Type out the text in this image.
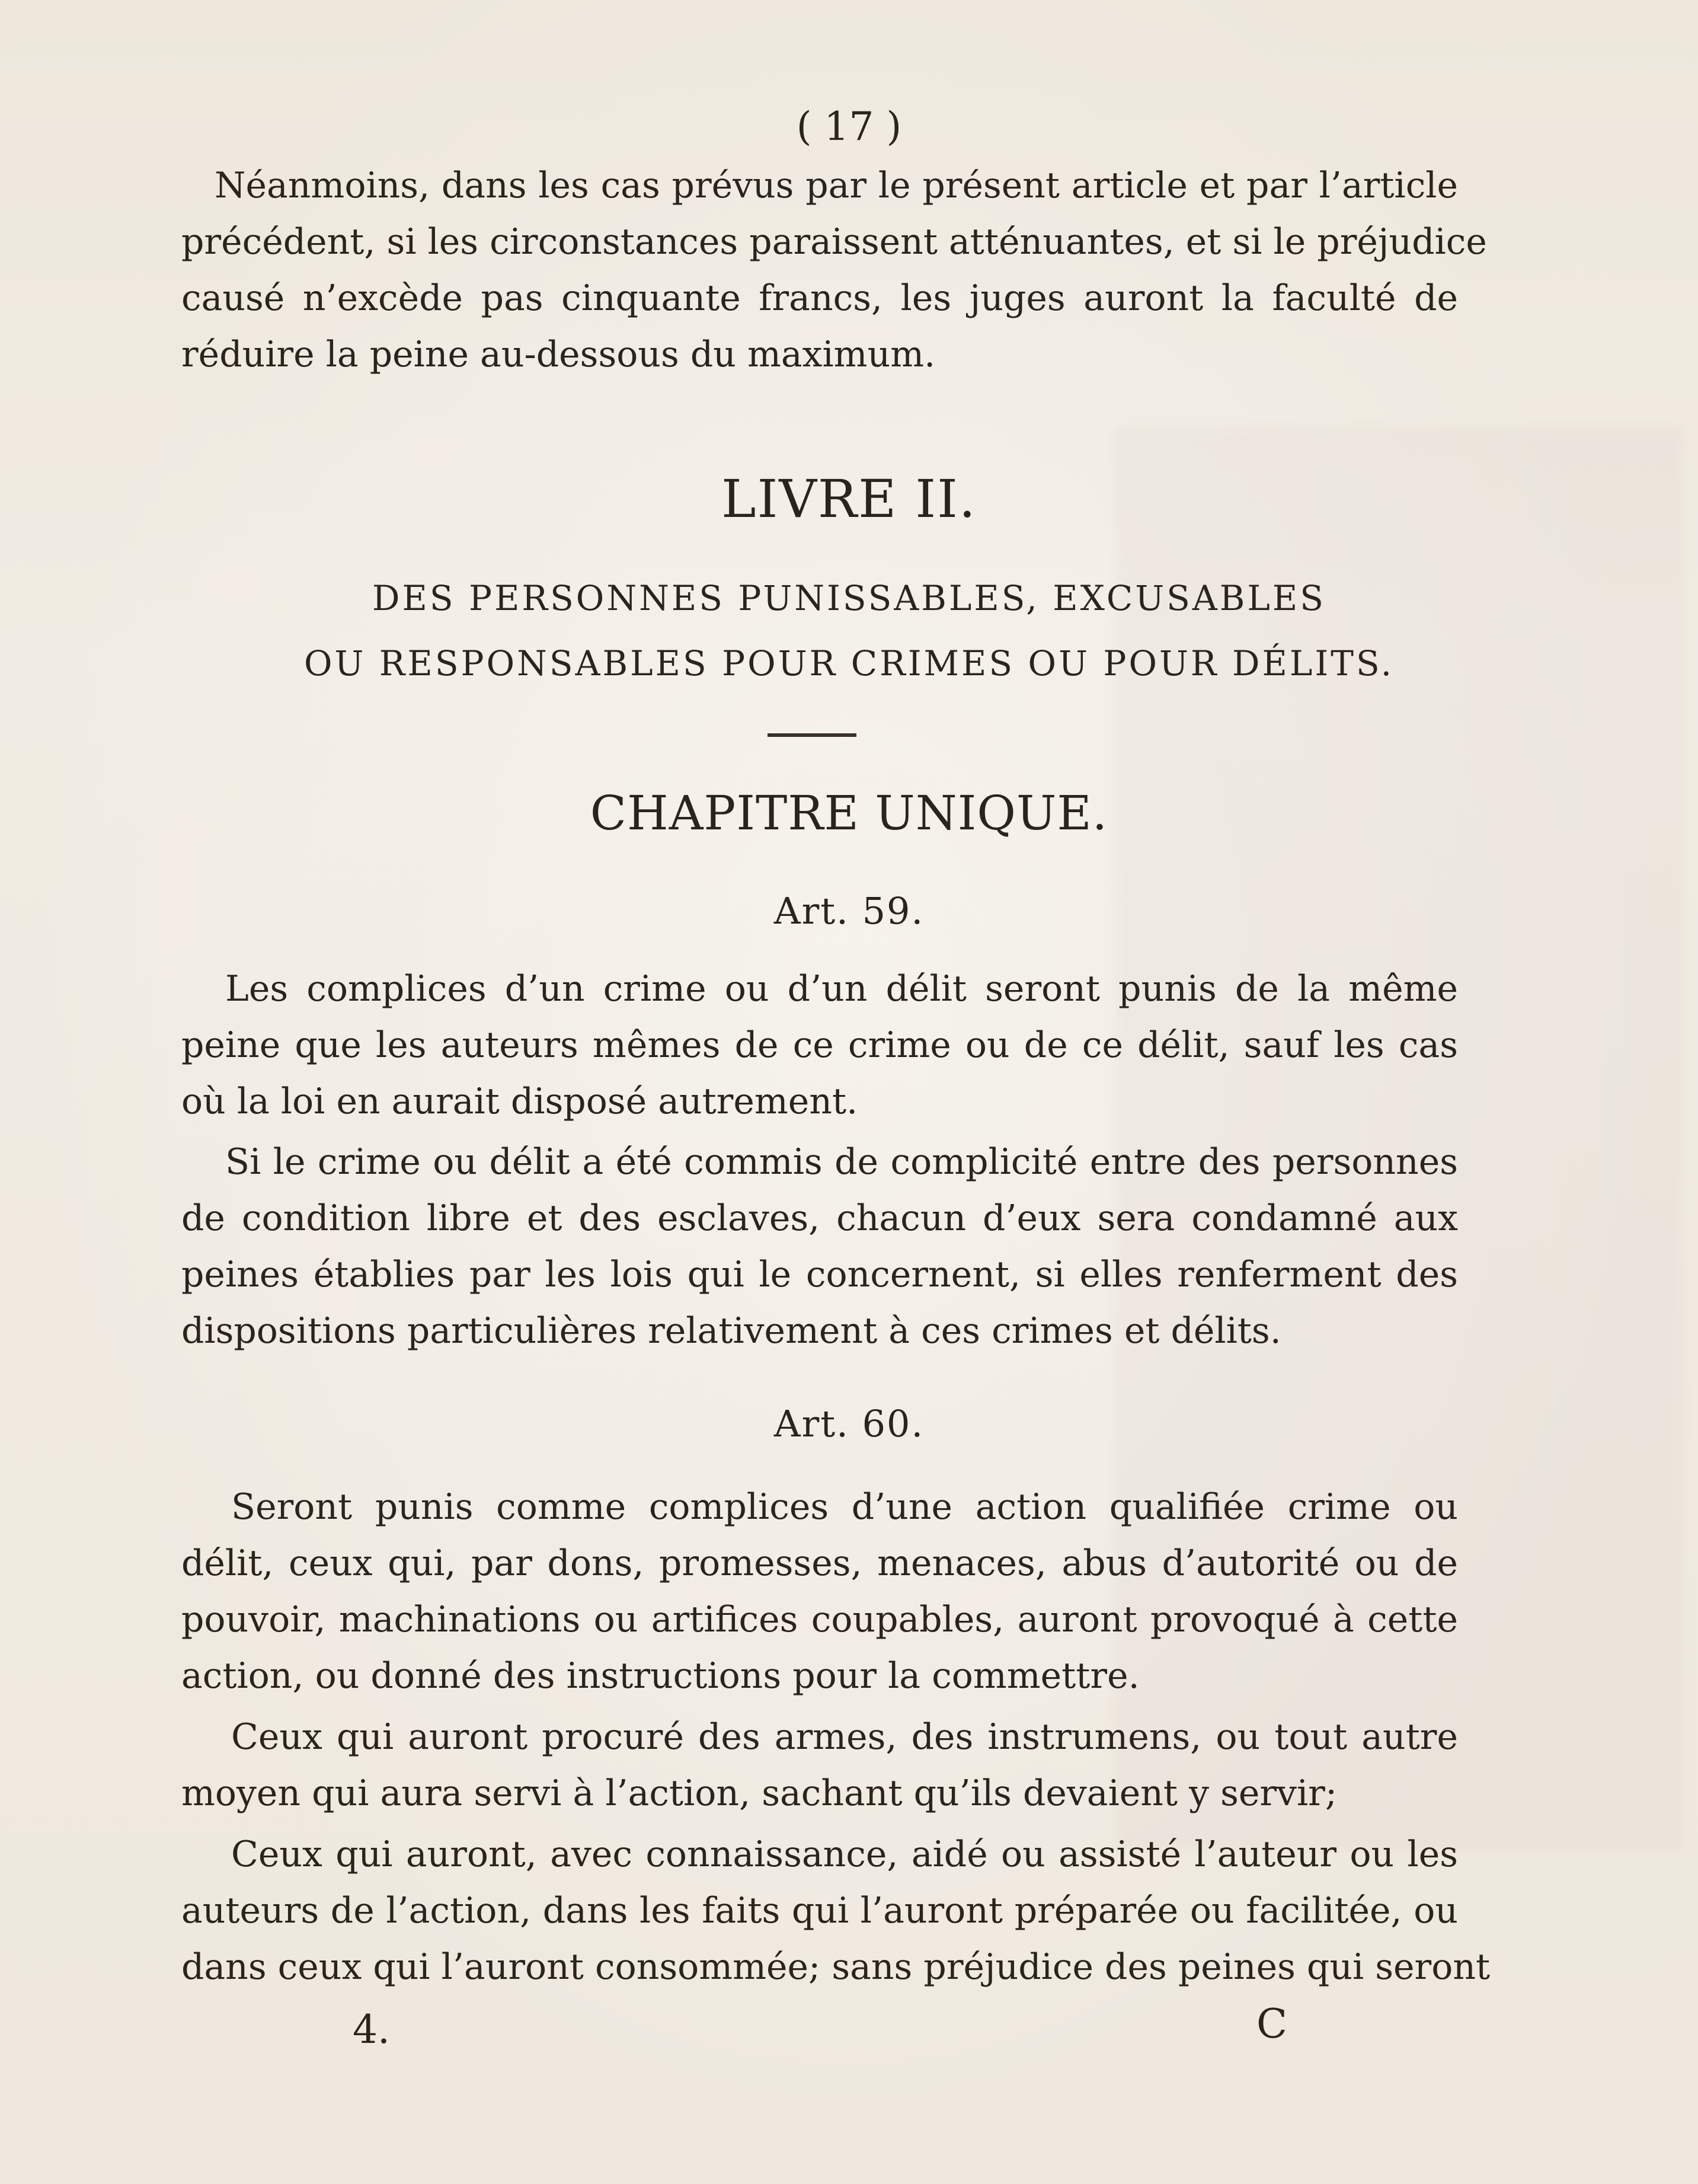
( 17 )
Néanmoins, dans les cas prévus par le présent article et par l’article
précédent, si les circonstances paraissent atténuantes, et si le préjudice
causé n’excède pas cinquante francs, les juges auront la faculté de
réduire la peine au-dessous du maximum.
LIVRE II.
DES PERSONNES PUNISSABLES, EXCUSABLES
OU RESPONSABLES POUR CRIMES OU POUR DÉLITS.
CHAPITRE UNIQUE.
Art. 59.
Les complices d’un crime ou d’un délit seront punis de la même
peine que les auteurs mêmes de ce crime ou de ce délit, sauf les cas
où la loi en aurait disposé autrement.
Si le crime ou délit a été commis de complicité entre des personnes
de condition libre et des esclaves, chacun d’eux sera condamné aux
peines établies par les lois qui le concernent, si elles renferment des
dispositions particulières relativement à ces crimes et délits.
Art. 60.
Seront punis comme complices d’une action qualifiée crime ou
délit, ceux qui, par dons, promesses, menaces, abus d’autorité ou de
pouvoir, machinations ou artifices coupables, auront provoqué à cette
action, ou donné des instructions pour la commettre.
Ceux qui auront procuré des armes, des instrumens, ou tout autre
moyen qui aura servi à l’action, sachant qu’ils devaient y servir;
Ceux qui auront, avec connaissance, aidé ou assisté l’auteur ou les
auteurs de l’action, dans les faits qui l’auront préparée ou facilitée, ou
dans ceux qui l’auront consommée; sans préjudice des peines qui seront
4.	C
